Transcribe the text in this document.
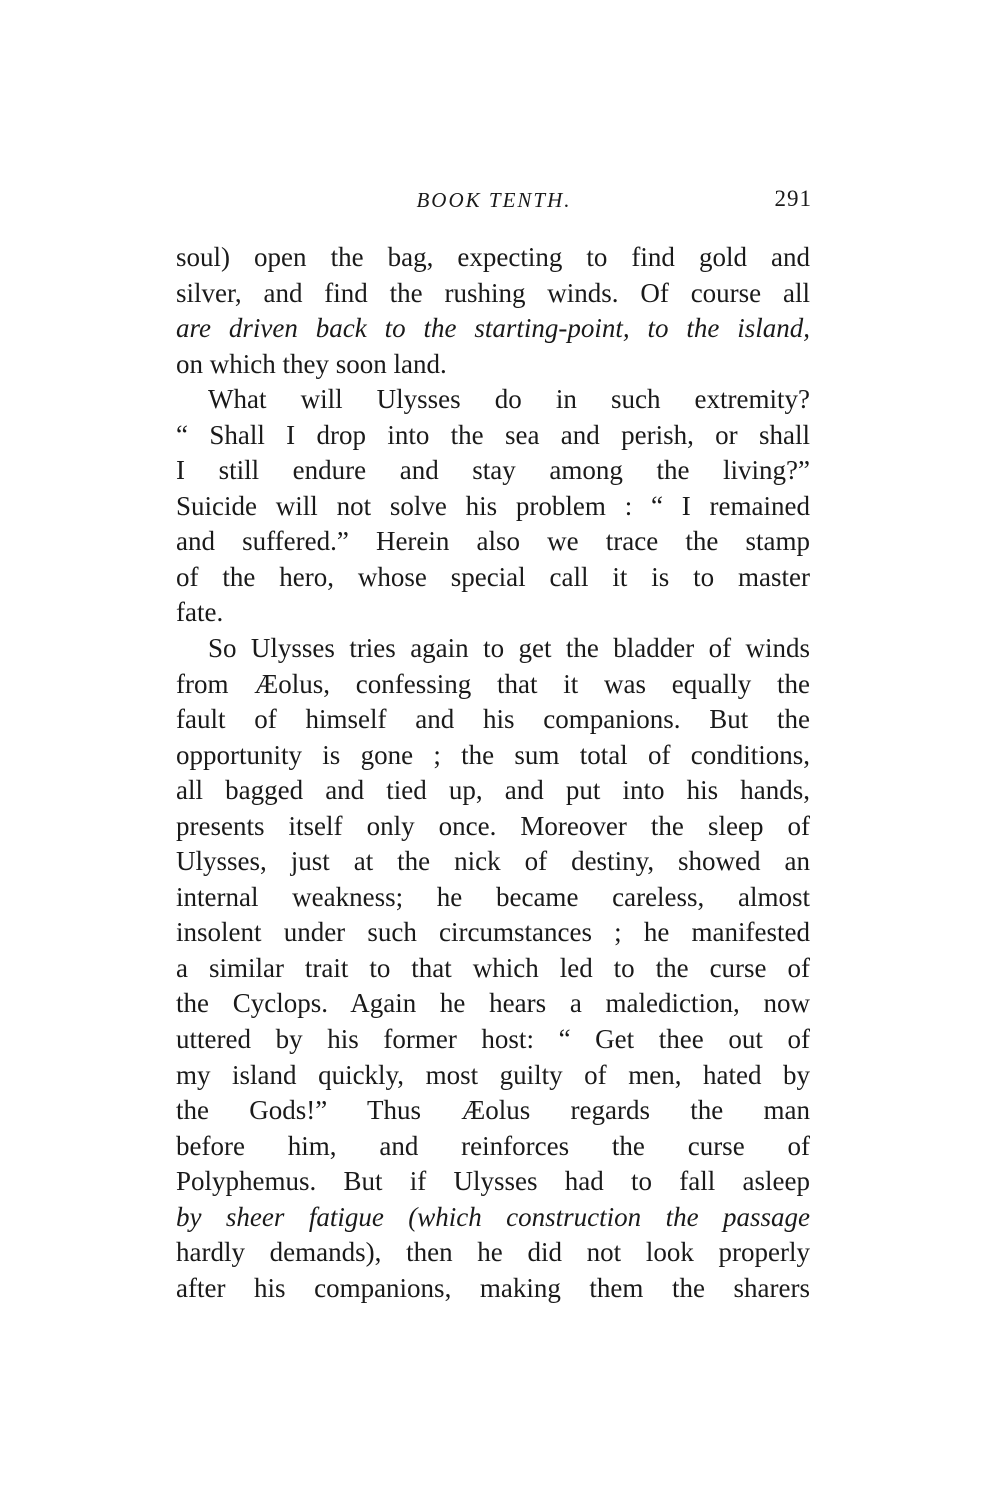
BOOK TENTH.	291
soul) open the bag, expecting to find gold and
silver, and find the rushing winds. Of course all
are driven back to the starting-point, to the island,
on which they soon land.
What will Ulysses do in such extremity?
“ Shall I drop into the sea and perish, or shall
I still endure and stay among the living?”
Suicide will not solve his problem : “ I remained
and suffered.” Herein also we trace the stamp
of the hero, whose special call it is to master
fate.
So Ulysses tries again to get the bladder of winds
from Æolus, confessing that it was equally the
fault of himself and his companions. But the
opportunity is gone ; the sum total of conditions,
all bagged and tied up, and put into his hands,
presents itself only once. Moreover the sleep of
Ulysses, just at the nick of destiny, showed an
internal weakness; he became careless, almost
insolent under such circumstances ; he manifested
a similar trait to that which led to the curse of
the Cyclops. Again he hears a malediction, now
uttered by his former host: “ Get thee out of
my island quickly, most guilty of men, hated by
the Gods!” Thus Æolus regards the man
before him, and reinforces the curse of
Polyphemus. But if Ulysses had to fall asleep
by sheer fatigue (which construction the passage
hardly demands), then he did not look properly
after his companions, making them the sharers
